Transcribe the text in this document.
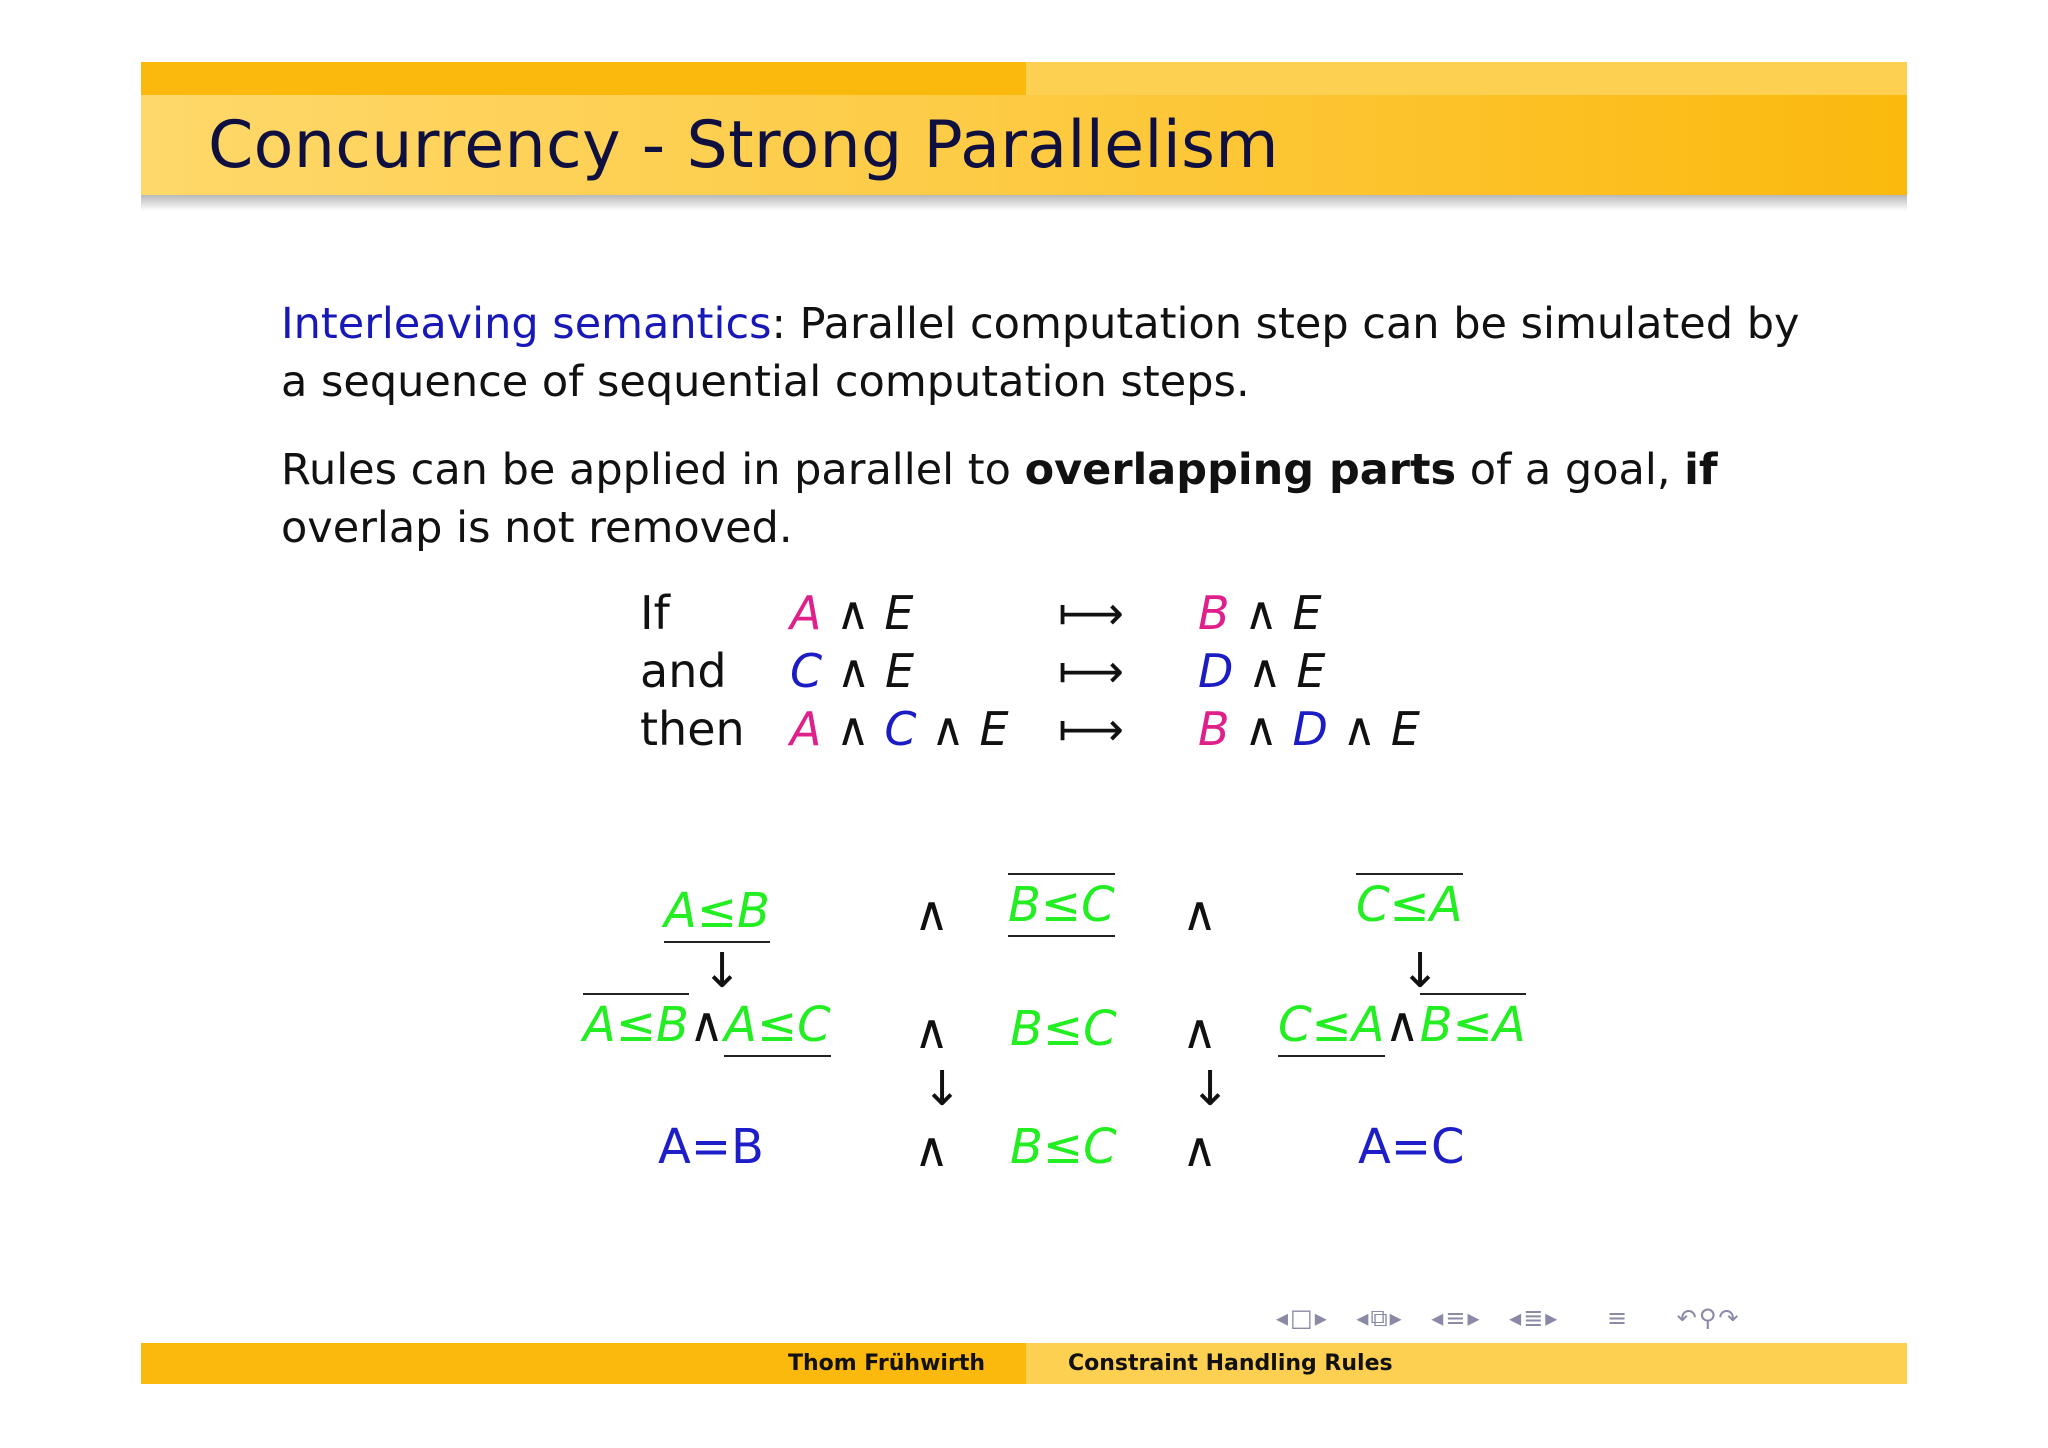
Concurrency - Strong Parallelism
Interleaving semantics: Parallel computation step can be simulated by a sequence of sequential computation steps.
Rules can be applied in parallel to overlapping parts of a goal, if overlap is not removed.
If	A ∧ E	⟼ B ∧ E
and C ∧ E	⟼ D ∧ E
then A ∧ C ∧ E ⟼ B ∧ D ∧ E
A≤B	∧ B≤C ∧	C≤A
↓	↓
A≤B∧A≤C ∧ B≤C ∧ C≤A∧B≤A
↓	↓
A=B	∧ B≤C ∧	A=C
◂□▸ ◂⧉▸ ◂≡▸ ◂≣▸ ≡ ↶⚲↷
Thom Frühwirth	Constraint Handling Rules
